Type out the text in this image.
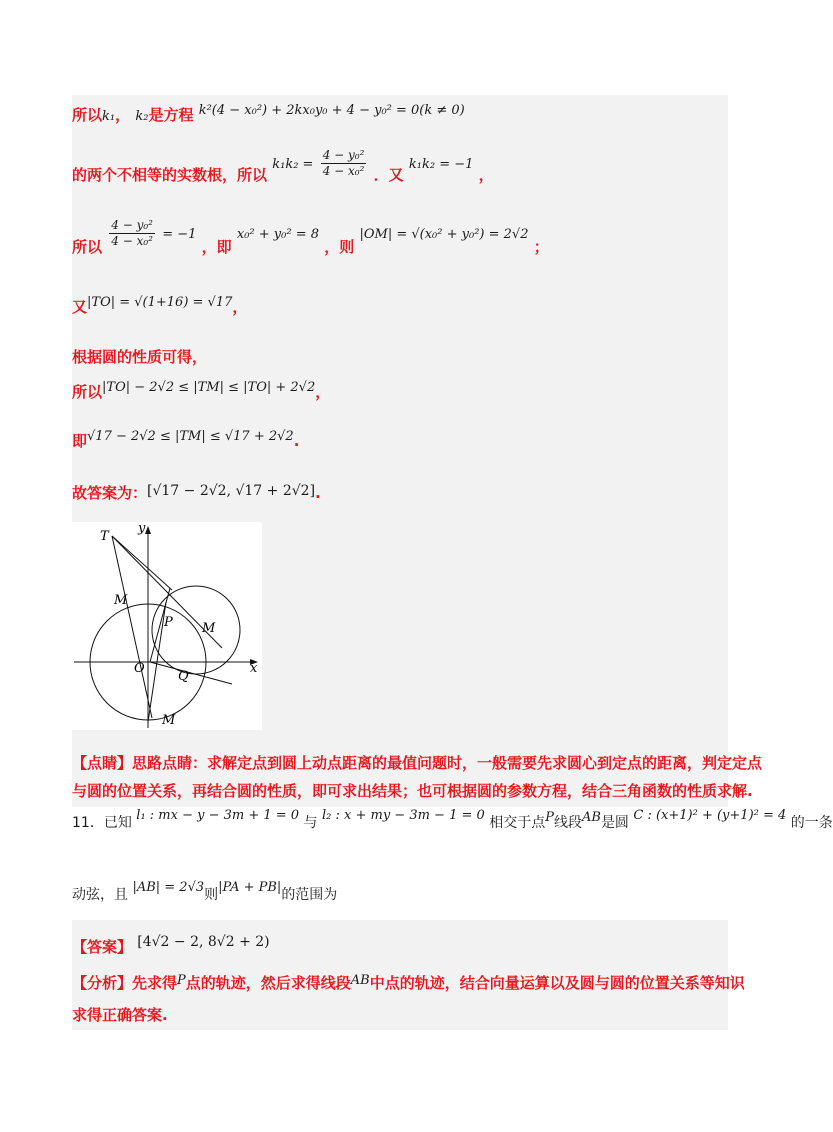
所以k₁， k₂是方程 k²(4 − x₀²) + 2kx₀y₀ + 4 − y₀² = 0(k ≠ 0)
的两个不相等的实数根，所以 $k_1k_2 = \frac{\text{4 − y₀²}}{\text{4 − x₀²}}$ ．又 k₁k₂ = −1 ，
所以 $\frac{\text{4 − y₀²}}{\text{4 − x₀²}} = -1$ ，即 x₀² + y₀² = 8 ，则 |OM| = √(x₀² + y₀²) = 2√2 ；
又|TO| = √(1+16) = √17，
根据圆的性质可得，
所以|TO| − 2√2 ≤ |TM| ≤ |TO| + 2√2，
即√17 − 2√2 ≤ |TM| ≤ √17 + 2√2.
故答案为：[√17 − 2√2, √17 + 2√2].
T
y
x
O
P
Q
M
M
M
【点睛】思路点睛：求解定点到圆上动点距离的最值问题时，一般需要先求圆心到定点的距离，判定定点
与圆的位置关系，再结合圆的性质，即可求出结果；也可根据圆的参数方程，结合三角函数的性质求解.
11．已知 l₁ : mx − y − 3m + 1 = 0 与 l₂ : x + my − 3m − 1 = 0 相交于点P线段AB是圆 C : (x+1)² + (y+1)² = 4 的一条
动弦，且 |AB| = 2√3则|PA + PB|的范围为
【答案】 [4√2 − 2, 8√2 + 2)
【分析】先求得P点的轨迹，然后求得线段AB中点的轨迹，结合向量运算以及圆与圆的位置关系等知识
求得正确答案.
